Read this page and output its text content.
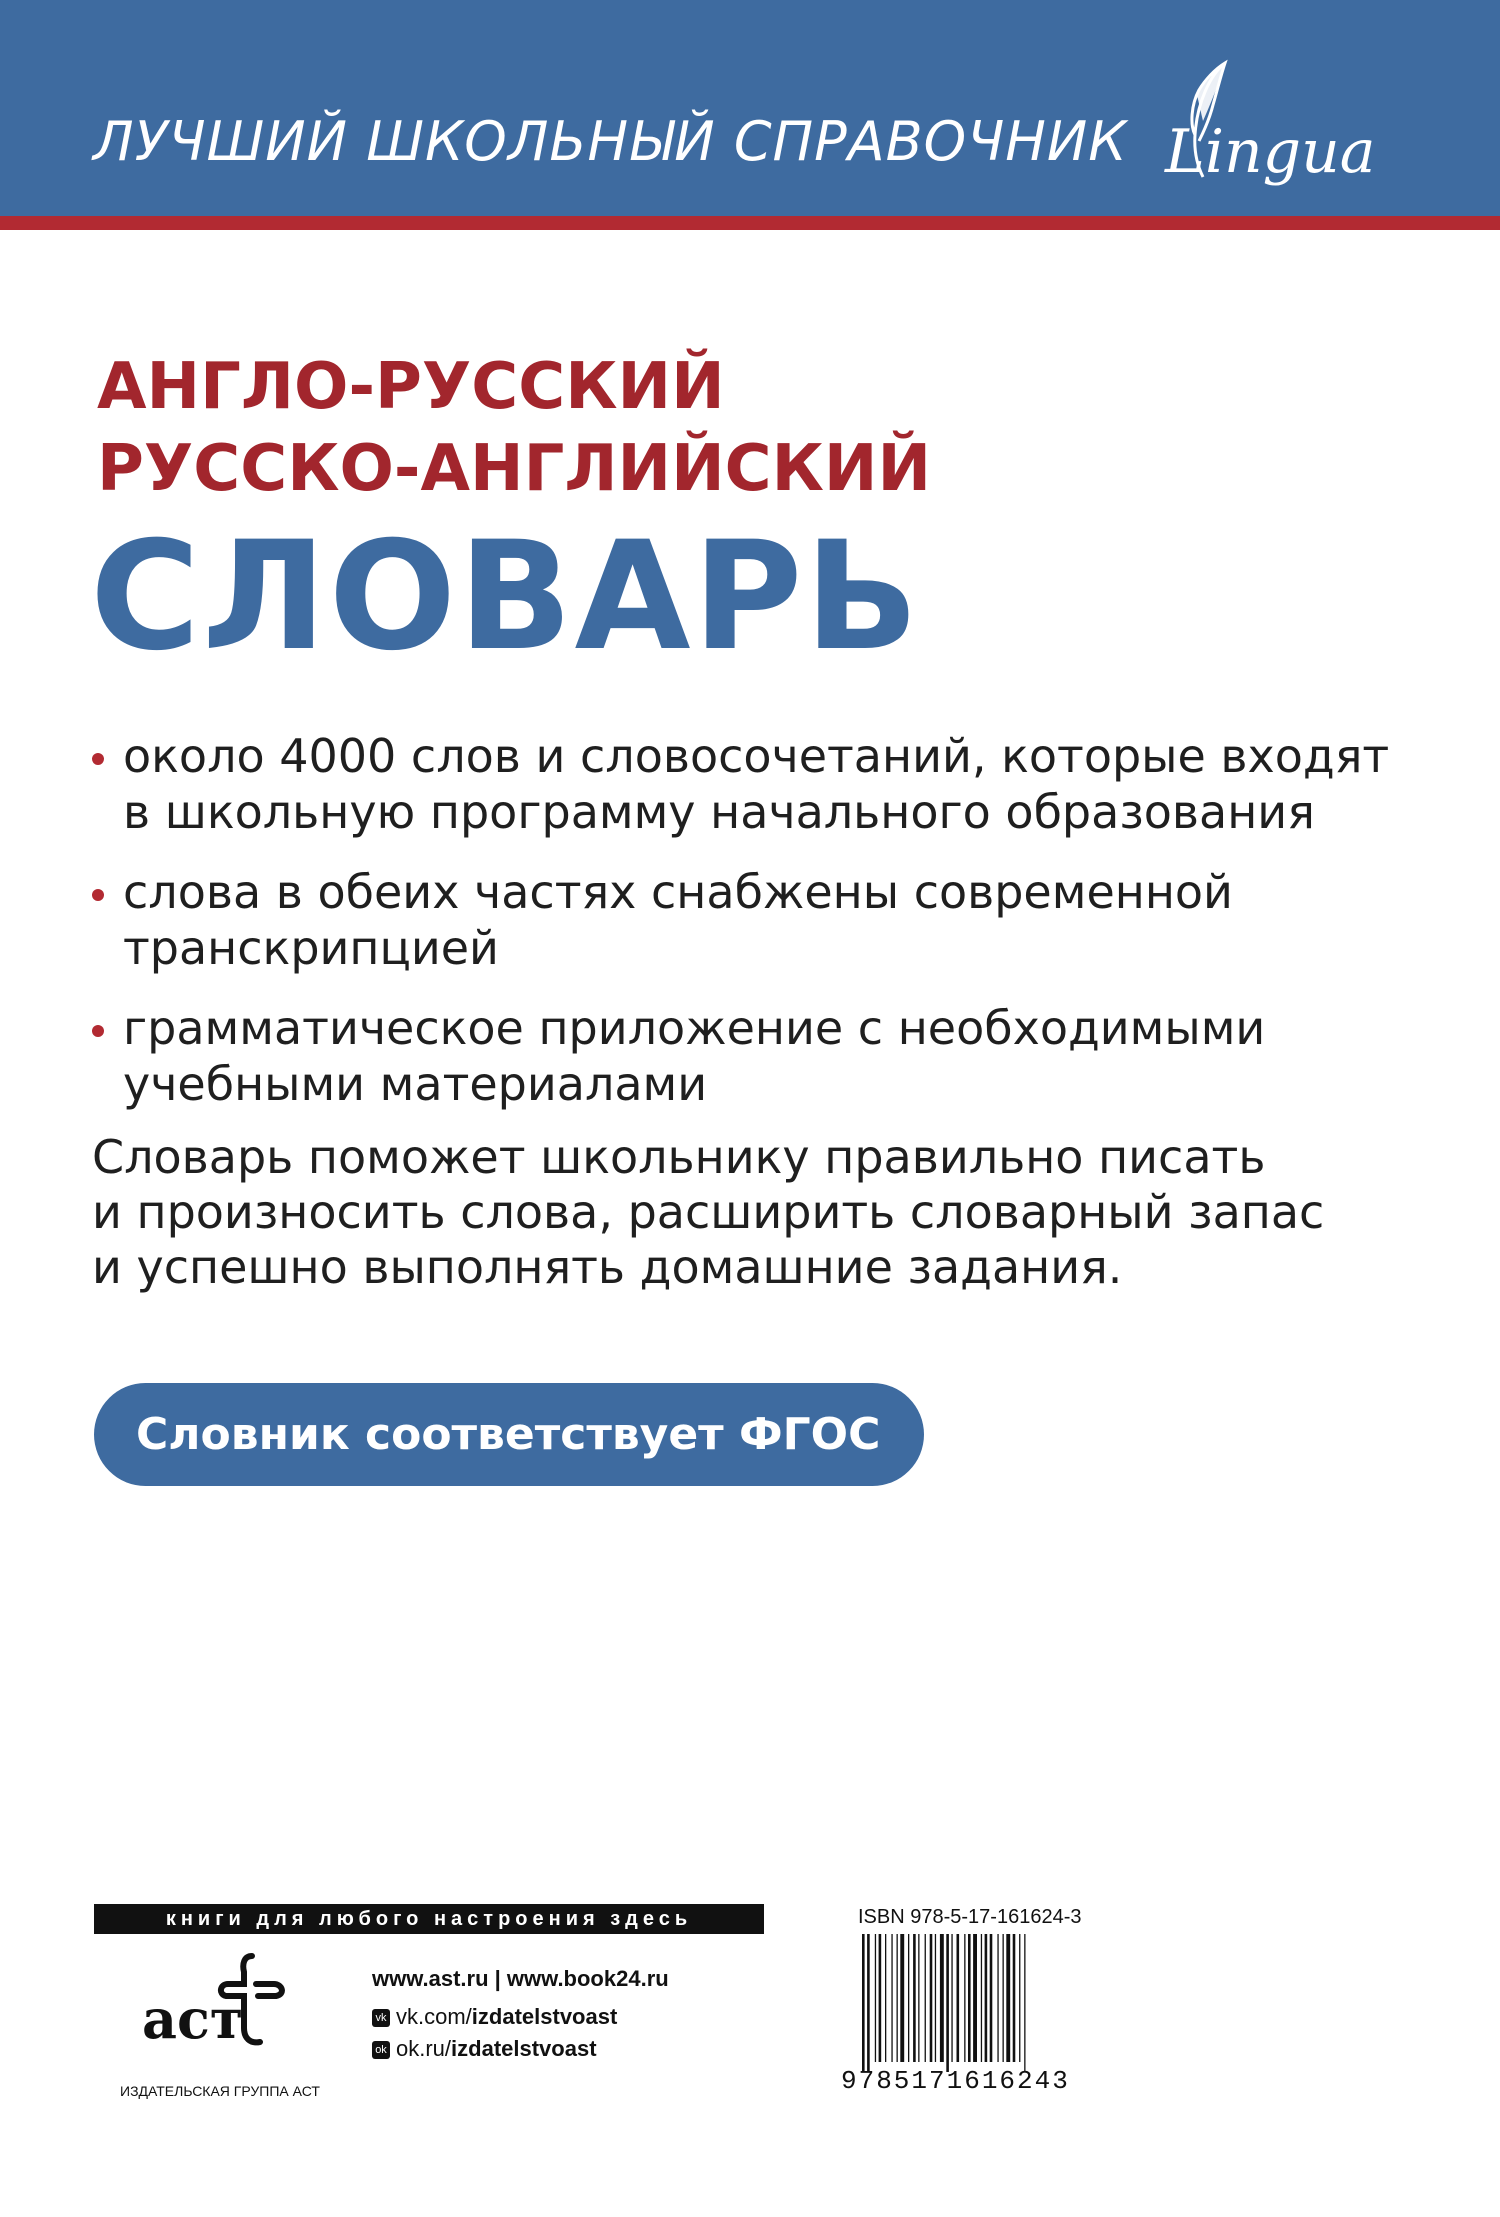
ЛУЧШИЙ ШКОЛЬНЫЙ СПРАВОЧНИК Lingua
АНГЛО-РУССКИЙ
РУССКО-АНГЛИЙСКИЙ
СЛОВАРЬ
около 4000 слов и словосочетаний, которые входят
в школьную программу начального образования
слова в обеих частях снабжены современной
транскрипцией
грамматическое приложение с необходимыми
учебными материалами
Словарь поможет школьнику правильно писать
и произносить слова, расширить словарный запас
и успешно выполнять домашние задания.
Словник соответствует ФГОС
книги для любого настроения здесь
аст
ИЗДАТЕЛЬСКАЯ ГРУППА АСТ
www.ast.ru | www.book24.ru
vk vk.com/izdatelstvoast
ok ok.ru/izdatelstvoast
ISBN 978-5-17-161624-3
9785171616243
